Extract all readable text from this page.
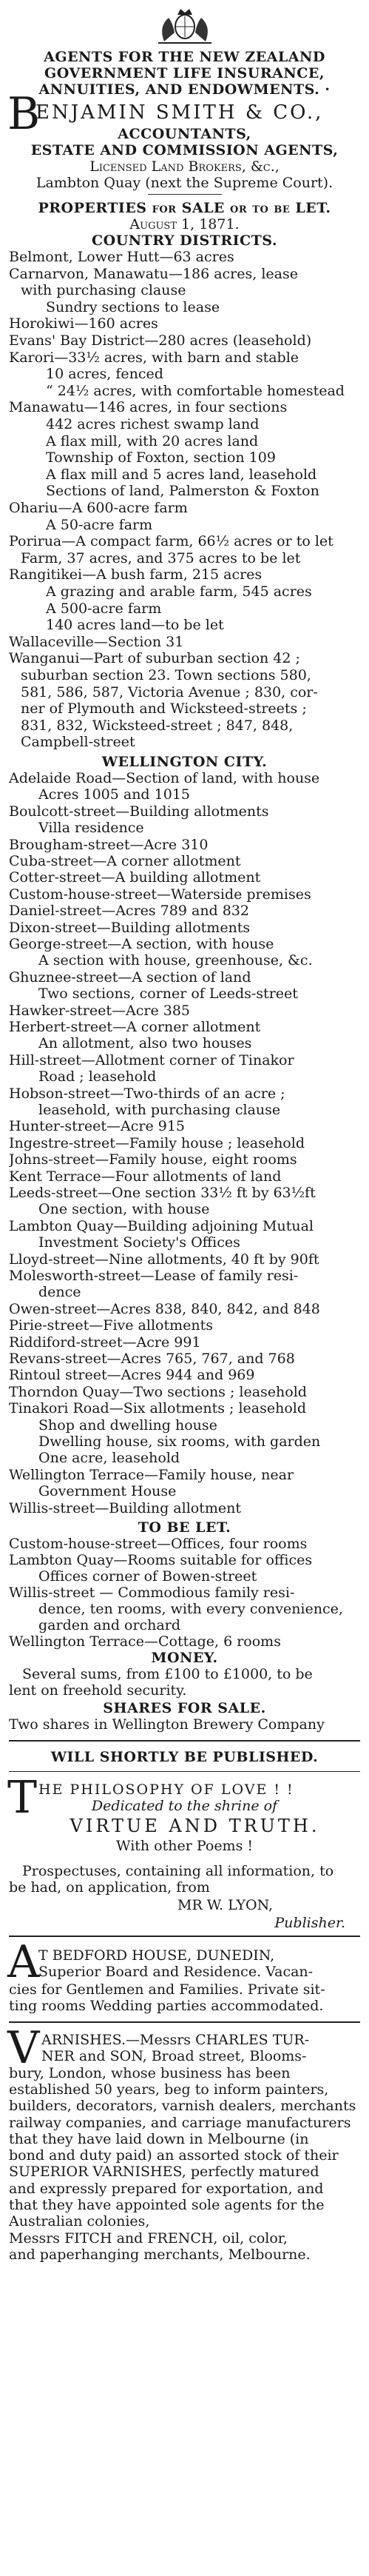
AGENTS FOR THE NEW ZEALAND
GOVERNMENT LIFE INSURANCE,
ANNUITIES, AND ENDOWMENTS. ·
B
ENJAMIN SMITH & CO.,
ACCOUNTANTS,
ESTATE AND COMMISSION AGENTS,
Licensed Land Brokers, &c.,
Lambton Quay (next the Supreme Court).
PROPERTIES for SALE or to be LET.
August 1, 1871.
COUNTRY DISTRICTS.
Belmont, Lower Hutt—63 acres
Carnarvon, Manawatu—186 acres, lease
with purchasing clause
Sundry sections to lease
Horokiwi—160 acres
Evans' Bay District—280 acres (leasehold)
Karori—33½ acres, with barn and stable
10 acres, fenced
“ 24½ acres, with comfortable homestead
Manawatu—146 acres, in four sections
442 acres richest swamp land
A flax mill, with 20 acres land
Township of Foxton, section 109
A flax mill and 5 acres land, leasehold
Sections of land, Palmerston & Foxton
Ohariu—A 600-acre farm
A 50-acre farm
Porirua—A compact farm, 66½ acres or to let
Farm, 37 acres, and 375 acres to be let
Rangitikei—A bush farm, 215 acres
A grazing and arable farm, 545 acres
A 500-acre farm
140 acres land—to be let
Wallaceville—Section 31
Wanganui—Part of suburban section 42 ;
suburban section 23. Town sections 580,
581, 586, 587, Victoria Avenue ; 830, cor-
ner of Plymouth and Wicksteed-streets ;
831, 832, Wicksteed-street ; 847, 848,
Campbell-street
WELLINGTON CITY.
Adelaide Road—Section of land, with house
Acres 1005 and 1015
Boulcott-street—Building allotments
Villa residence
Brougham-street—Acre 310
Cuba-street—A corner allotment
Cotter-street—A building allotment
Custom-house-street—Waterside premises
Daniel-street—Acres 789 and 832
Dixon-street—Building allotments
George-street—A section, with house
A section with house, greenhouse, &c.
Ghuznee-street—A section of land
Two sections, corner of Leeds-street
Hawker-street—Acre 385
Herbert-street—A corner allotment
An allotment, also two houses
Hill-street—Allotment corner of Tinakor
Road ; leasehold
Hobson-street—Two-thirds of an acre ;
leasehold, with purchasing clause
Hunter-street—Acre 915
Ingestre-street—Family house ; leasehold
Johns-street—Family house, eight rooms
Kent Terrace—Four allotments of land
Leeds-street—One section 33½ ft by 63½ft
One section, with house
Lambton Quay—Building adjoining Mutual
Investment Society's Offices
Lloyd-street—Nine allotments, 40 ft by 90ft
Molesworth-street—Lease of family resi-
dence
Owen-street—Acres 838, 840, 842, and 848
Pirie-street—Five allotments
Riddiford-street—Acre 991
Revans-street—Acres 765, 767, and 768
Rintoul street—Acres 944 and 969
Thorndon Quay—Two sections ; leasehold
Tinakori Road—Six allotments ; leasehold
Shop and dwelling house
Dwelling house, six rooms, with garden
One acre, leasehold
Wellington Terrace—Family house, near
Government House
Willis-street—Building allotment
TO BE LET.
Custom-house-street—Offices, four rooms
Lambton Quay—Rooms suitable for offices
Offices corner of Bowen-street
Willis-street — Commodious family resi-
dence, ten rooms, with every convenience,
garden and orchard
Wellington Terrace—Cottage, 6 rooms
MONEY.
Several sums, from £100 to £1000, to be
lent on freehold security.
SHARES FOR SALE.
Two shares in Wellington Brewery Company
WILL SHORTLY BE PUBLISHED.
T HE PHILOSOPHY OF LOVE ! !
Dedicated to the shrine of
VIRTUE AND TRUTH.
With other Poems !
Prospectuses, containing all information, to
be had, on application, from
MR W. LYON,
Publisher.
A
T BEDFORD HOUSE, DUNEDIN,
Superior Board and Residence. Vacan-
cies for Gentlemen and Families. Private sit-
ting rooms Wedding parties accommodated.
V ARNISHES.—Messrs CHARLES TUR-
NER and SON, Broad street, Blooms-
bury, London, whose business has been
established 50 years, beg to inform painters,
builders, decorators, varnish dealers, merchants
railway companies, and carriage manufacturers
that they have laid down in Melbourne (in
bond and duty paid) an assorted stock of their
SUPERIOR VARNISHES, perfectly matured
and expressly prepared for exportation, and
that they have appointed sole agents for the
Australian colonies,
Messrs FITCH and FRENCH, oil, color,
and paperhanging merchants, Melbourne.
